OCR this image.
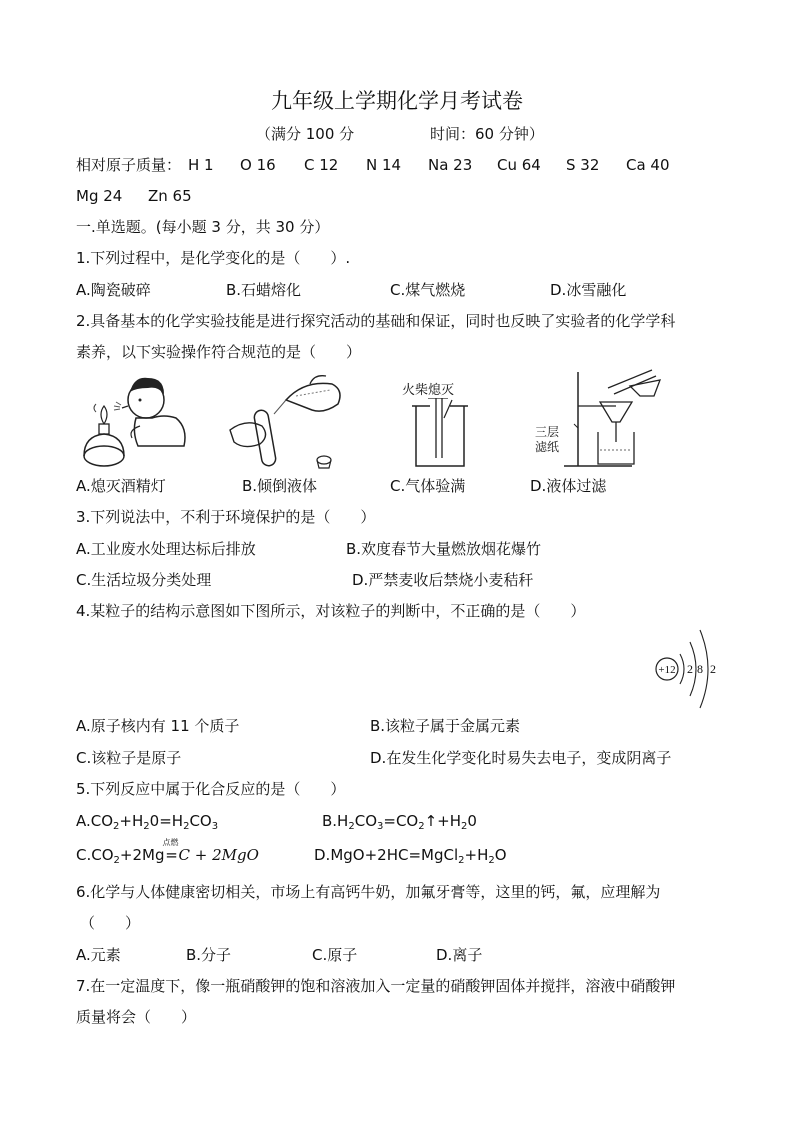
九年级上学期化学月考试卷
（满分 100 分	时间：60 分钟）
相对原子质量： H 1 O 16 C 12 N 14 Na 23 Cu 64 S 32 Ca 40
Mg 24 Zn 65
一.单选题。(每小题 3 分，共 30 分）
1.下列过程中，是化学变化的是（　　）.
A.陶瓷破碎	B.石蜡熔化	C.煤气燃烧	D.冰雪融化
2.具备基本的化学实验技能是进行探究活动的基础和保证，同时也反映了实验者的化学学科
素养，以下实验操作符合规范的是（　　）
火柴熄灭
三层
滤纸
A.熄灭酒精灯	B.倾倒液体	C.气体验满	D.液体过滤
3.下列说法中，不利于环境保护的是（　　）
A.工业废水处理达标后排放	B.欢度春节大量燃放烟花爆竹
C.生活垃圾分类处理	D.严禁麦收后禁烧小麦秸秆
4.某粒子的结构示意图如下图所示，对该粒子的判断中，不正确的是（　　）
+12 2 8 2
A.原子核内有 11 个质子	B.该粒子属于金属元素
C.该粒子是原子	D.在发生化学变化时易失去电子，变成阴离子
5.下列反应中属于化合反应的是（　　）
$A.CO_2+H_20=H_2CO_3$	$B.H_2CO_3=CO_2↑+H_20$
$C.CO_2+2Mg$
点燃
=C + 2MgO	$D.MgO+2HC=MgCl_2+H_2O$
6.化学与人体健康密切相关，市场上有高钙牛奶，加氟牙膏等，这里的钙，氟，应理解为
（　　）
A.元素	B.分子	C.原子	D.离子
7.在一定温度下，像一瓶硝酸钾的饱和溶液加入一定量的硝酸钾固体并搅拌，溶液中硝酸钾
质量将会（　　）
